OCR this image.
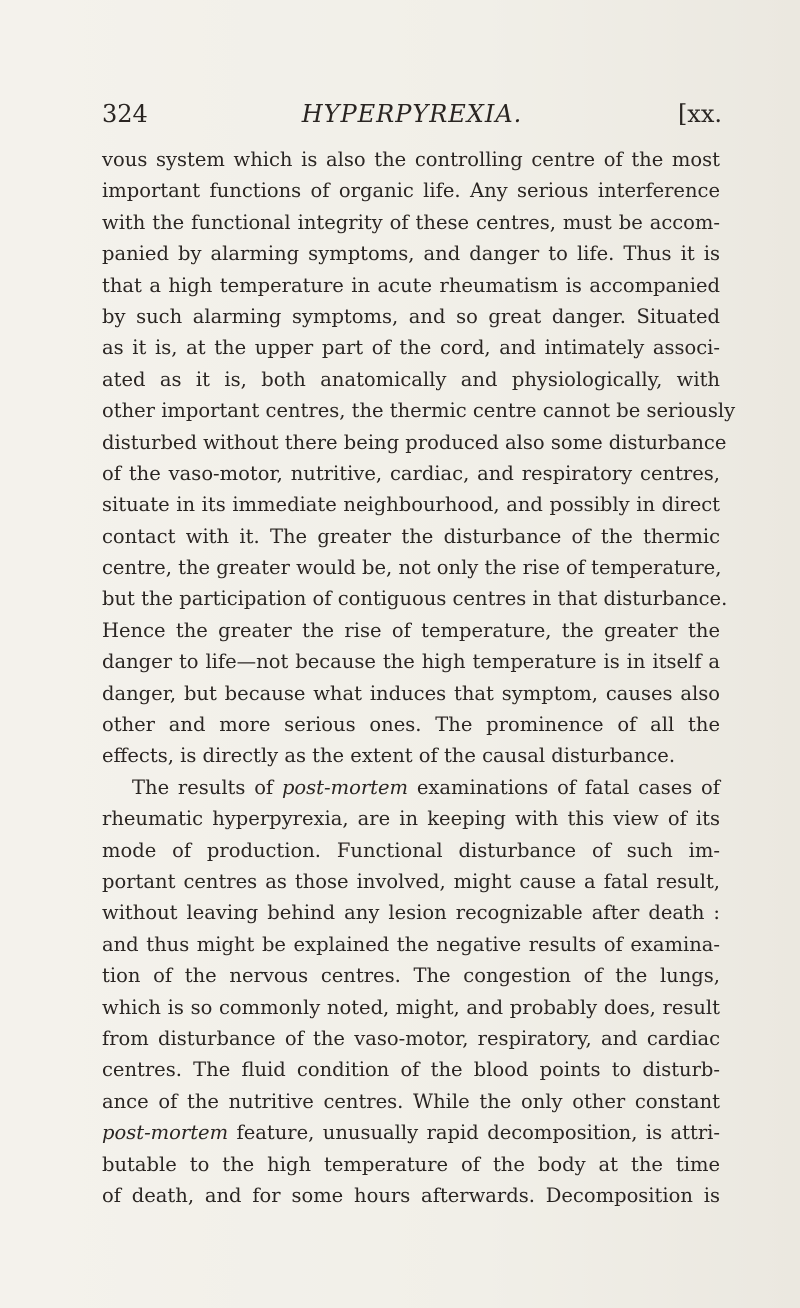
324	HYPERPYREXIA.	[xx.
vous system which is also the controlling centre of the most
important functions of organic life. Any serious interference
with the functional integrity of these centres, must be accom-
panied by alarming symptoms, and danger to life. Thus it is
that a high temperature in acute rheumatism is accompanied
by such alarming symptoms, and so great danger. Situated
as it is, at the upper part of the cord, and intimately associ-
ated as it is, both anatomically and physiologically, with
other important centres, the thermic centre cannot be seriously
disturbed without there being produced also some disturbance
of the vaso-motor, nutritive, cardiac, and respiratory centres,
situate in its immediate neighbourhood, and possibly in direct
contact with it. The greater the disturbance of the thermic
centre, the greater would be, not only the rise of temperature,
but the participation of contiguous centres in that disturbance.
Hence the greater the rise of temperature, the greater the
danger to life—not because the high temperature is in itself a
danger, but because what induces that symptom, causes also
other and more serious ones. The prominence of all the
effects, is directly as the extent of the causal disturbance.
The results of post-mortem examinations of fatal cases of
rheumatic hyperpyrexia, are in keeping with this view of its
mode of production. Functional disturbance of such im-
portant centres as those involved, might cause a fatal result,
without leaving behind any lesion recognizable after death :
and thus might be explained the negative results of examina-
tion of the nervous centres. The congestion of the lungs,
which is so commonly noted, might, and probably does, result
from disturbance of the vaso-motor, respiratory, and cardiac
centres. The fluid condition of the blood points to disturb-
ance of the nutritive centres. While the only other constant
post-mortem feature, unusually rapid decomposition, is attri-
butable to the high temperature of the body at the time
of death, and for some hours afterwards. Decomposition is
